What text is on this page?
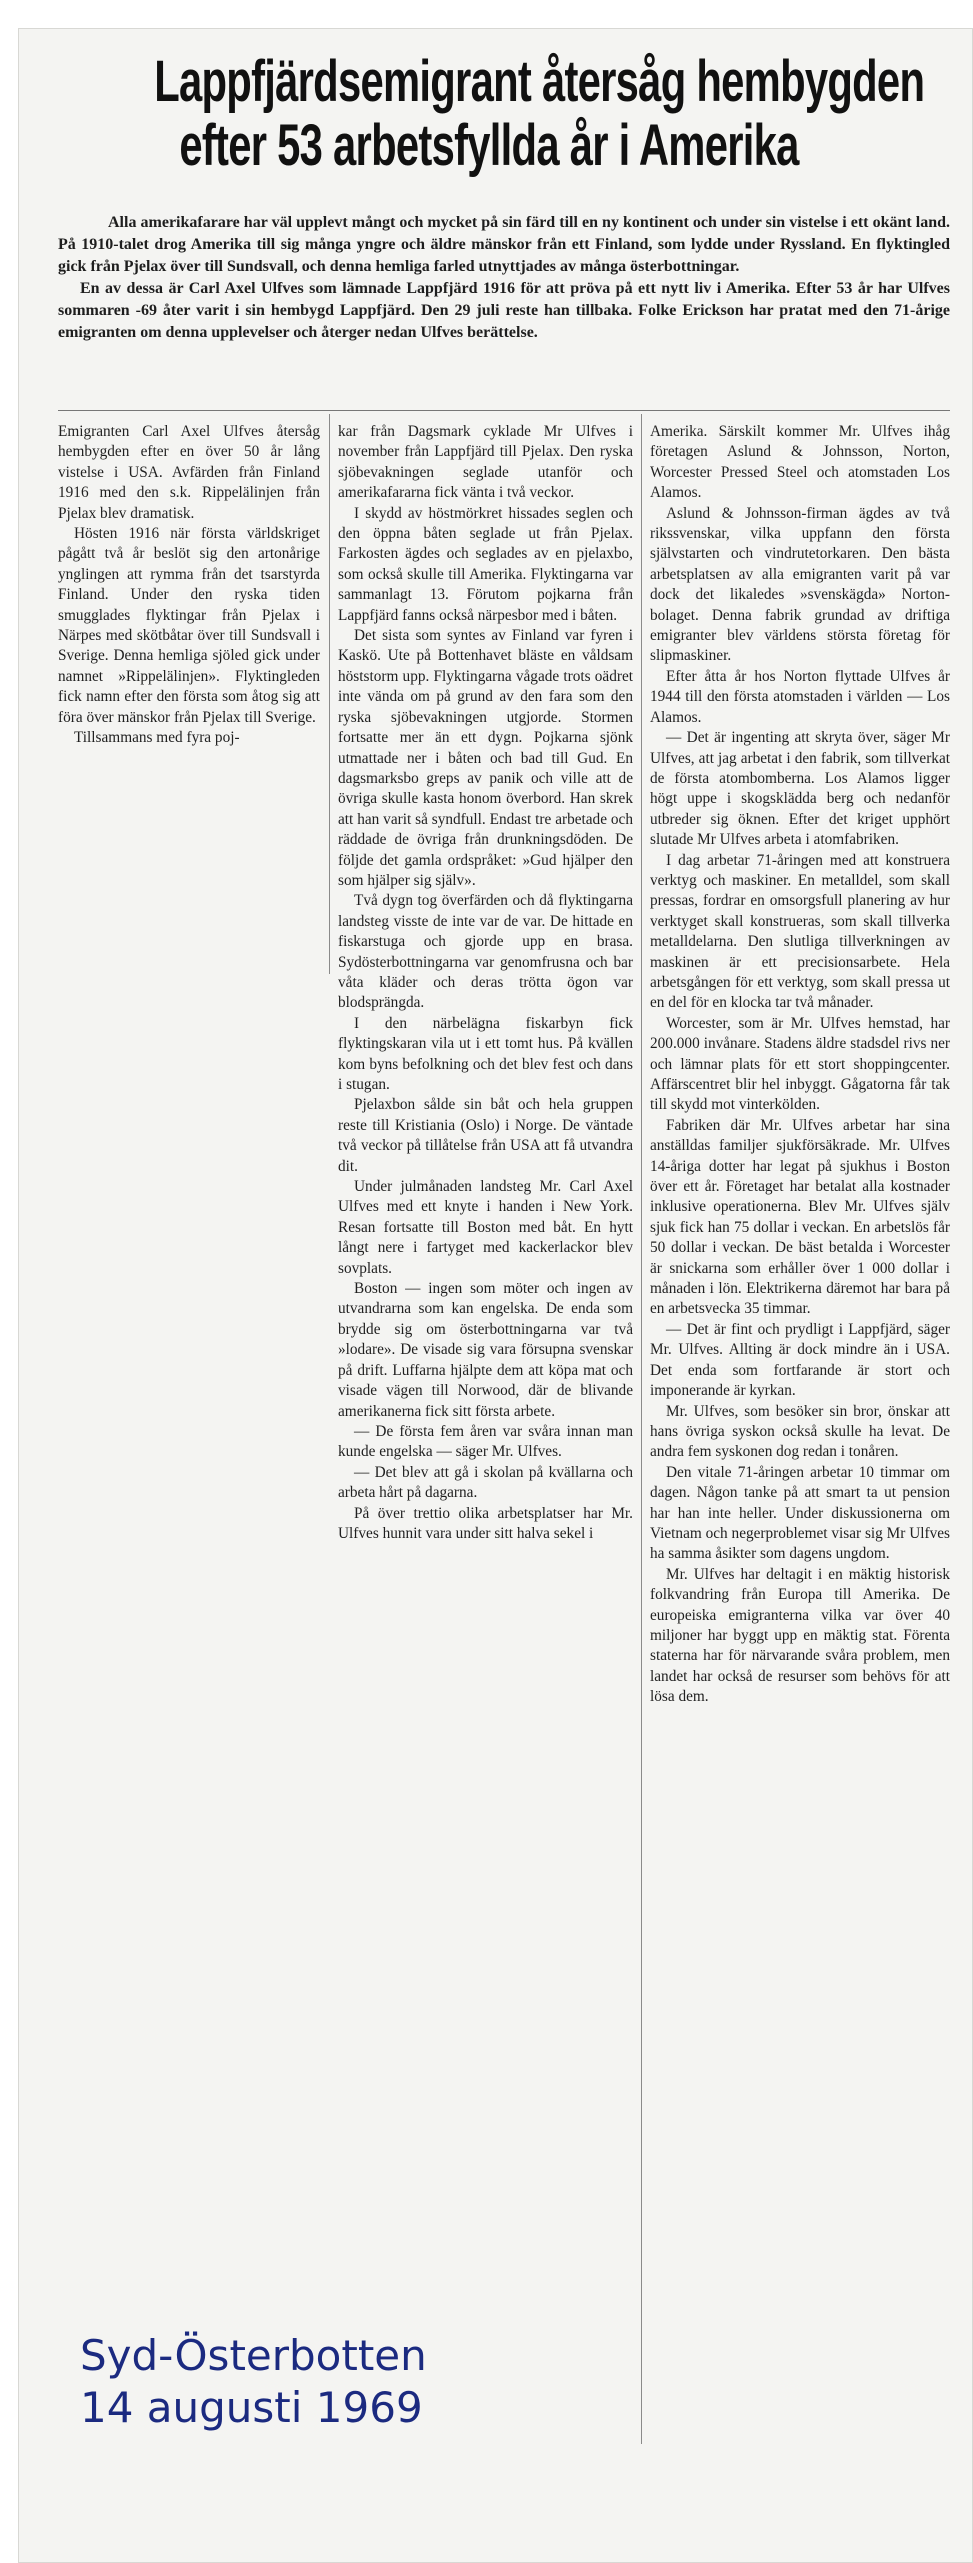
Lappfjärdsemigrant återsåg hembygden
efter 53 arbetsfyllda år i Amerika

Alla amerikafarare har väl upplevt mångt och mycket på sin färd till en ny kontinent och under sin vistelse i ett okänt land. På 1910-talet drog Amerika till sig många yngre och äldre mänskor från ett Finland, som lydde under Ryssland. En flyktingled gick från Pjelax över till Sundsvall, och denna hemliga farled utnyttjades av många österbottningar.

En av dessa är Carl Axel Ulfves som lämnade Lappfjärd 1916 för att pröva på ett nytt liv i Amerika. Efter 53 år har Ulfves sommaren -69 åter varit i sin hembygd Lappfjärd. Den 29 juli reste han tillbaka. Folke Erickson har pratat med den 71-årige emigranten om denna upplevelser och återger nedan Ulfves berättelse.

Emigranten Carl Axel Ulfves återsåg hembygden efter en över 50 år lång vistelse i USA. Avfärden från Finland 1916 med den s.k. Rippelälinjen från Pjelax blev dramatisk.

Hösten 1916 när första världskriget pågått två år beslöt sig den artonårige ynglingen att rymma från det tsarstyrda Finland. Under den ryska tiden smugglades flyktingar från Pjelax i Närpes med skötbåtar över till Sundsvall i Sverige. Denna hemliga sjöled gick under namnet »Rippelälinjen». Flyktingleden fick namn efter den första som åtog sig att föra över mänskor från Pjelax till Sverige.

Tillsammans med fyra poj-

kar från Dagsmark cyklade Mr Ulfves i november från Lappfjärd till Pjelax. Den ryska sjöbevakningen seglade utanför och amerikafararna fick vänta i två veckor.

I skydd av höstmörkret hissades seglen och den öppna båten seglade ut från Pjelax. Farkosten ägdes och seglades av en pjelaxbo, som också skulle till Amerika. Flyktingarna var sammanlagt 13. Förutom pojkarna från Lappfjärd fanns också närpesbor med i båten.

Det sista som syntes av Finland var fyren i Kaskö. Ute på Bottenhavet bläste en våldsam höststorm upp. Flyktingarna vågade trots oädret inte vända om på grund av den fara som den ryska sjöbevakningen utgjorde. Stormen fortsatte mer än ett dygn. Pojkarna sjönk utmattade ner i båten och bad till Gud. En dagsmarksbo greps av panik och ville att de övriga skulle kasta honom överbord. Han skrek att han varit så syndfull. Endast tre arbetade och räddade de övriga från drunkningsdöden. De följde det gamla ordspråket: »Gud hjälper den som hjälper sig själv».

Två dygn tog överfärden och då flyktingarna landsteg visste de inte var de var. De hittade en fiskarstuga och gjorde upp en brasa. Sydösterbottningarna var genomfrusna och bar våta kläder och deras trötta ögon var blodsprängda.

I den närbelägna fiskarbyn fick flyktingskaran vila ut i ett tomt hus. På kvällen kom byns befolkning och det blev fest och dans i stugan.

Pjelaxbon sålde sin båt och hela gruppen reste till Kristiania (Oslo) i Norge. De väntade två veckor på tillåtelse från USA att få utvandra dit.

Under julmånaden landsteg Mr. Carl Axel Ulfves med ett knyte i handen i New York. Resan fortsatte till Boston med båt. En hytt långt nere i fartyget med kackerlackor blev sovplats.

Boston — ingen som möter och ingen av utvandrarna som kan engelska. De enda som brydde sig om österbottningarna var två »lodare». De visade sig vara försupna svenskar på drift. Luffarna hjälpte dem att köpa mat och visade vägen till Norwood, där de blivande amerikanerna fick sitt första arbete.

— De första fem åren var svåra innan man kunde engelska — säger Mr. Ulfves.

— Det blev att gå i skolan på kvällarna och arbeta hårt på dagarna.

På över trettio olika arbetsplatser har Mr. Ulfves hunnit vara under sitt halva sekel i

Amerika. Särskilt kommer Mr. Ulfves ihåg företagen Aslund & Johnsson, Norton, Worcester Pressed Steel och atomstaden Los Alamos.

Aslund & Johnsson-firman ägdes av två rikssvenskar, vilka uppfann den första självstarten och vindrutetorkaren. Den bästa arbetsplatsen av alla emigranten varit på var dock det likaledes »svenskägda» Norton-bolaget. Denna fabrik grundad av driftiga emigranter blev världens största företag för slipmaskiner.

Efter åtta år hos Norton flyttade Ulfves år 1944 till den första atomstaden i världen — Los Alamos.

— Det är ingenting att skryta över, säger Mr Ulfves, att jag arbetat i den fabrik, som tillverkat de första atombomberna. Los Alamos ligger högt uppe i skogsklädda berg och nedanför utbreder sig öknen. Efter det kriget upphört slutade Mr Ulfves arbeta i atomfabriken.

I dag arbetar 71-åringen med att konstruera verktyg och maskiner. En metalldel, som skall pressas, fordrar en omsorgsfull planering av hur verktyget skall konstrueras, som skall tillverka metalldelarna. Den slutliga tillverkningen av maskinen är ett precisionsarbete. Hela arbetsgången för ett verktyg, som skall pressa ut en del för en klocka tar två månader.

Worcester, som är Mr. Ulfves hemstad, har 200.000 invånare. Stadens äldre stadsdel rivs ner och lämnar plats för ett stort shoppingcenter. Affärscentret blir hel inbyggt. Gågatorna får tak till skydd mot vinterkölden.

Fabriken där Mr. Ulfves arbetar har sina anställdas familjer sjukförsäkrade. Mr. Ulfves 14-åriga dotter har legat på sjukhus i Boston över ett år. Företaget har betalat alla kostnader inklusive operationerna. Blev Mr. Ulfves själv sjuk fick han 75 dollar i veckan. En arbetslös får 50 dollar i veckan. De bäst betalda i Worcester är snickarna som erhåller över 1 000 dollar i månaden i lön. Elektrikerna däremot har bara på en arbetsvecka 35 timmar.

— Det är fint och prydligt i Lappfjärd, säger Mr. Ulfves. Allting är dock mindre än i USA. Det enda som fortfarande är stort och imponerande är kyrkan.

Mr. Ulfves, som besöker sin bror, önskar att hans övriga syskon också skulle ha levat. De andra fem syskonen dog redan i tonåren.

Den vitale 71-åringen arbetar 10 timmar om dagen. Någon tanke på att smart ta ut pension har han inte heller. Under diskussionerna om Vietnam och negerproblemet visar sig Mr Ulfves ha samma åsikter som dagens ungdom.

Mr. Ulfves har deltagit i en mäktig historisk folkvandring från Europa till Amerika. De europeiska emigranterna vilka var över 40 miljoner har byggt upp en mäktig stat. Förenta staterna har för närvarande svåra problem, men landet har också de resurser som behövs för att lösa dem.

Syd-Österbotten
14 augusti 1969
